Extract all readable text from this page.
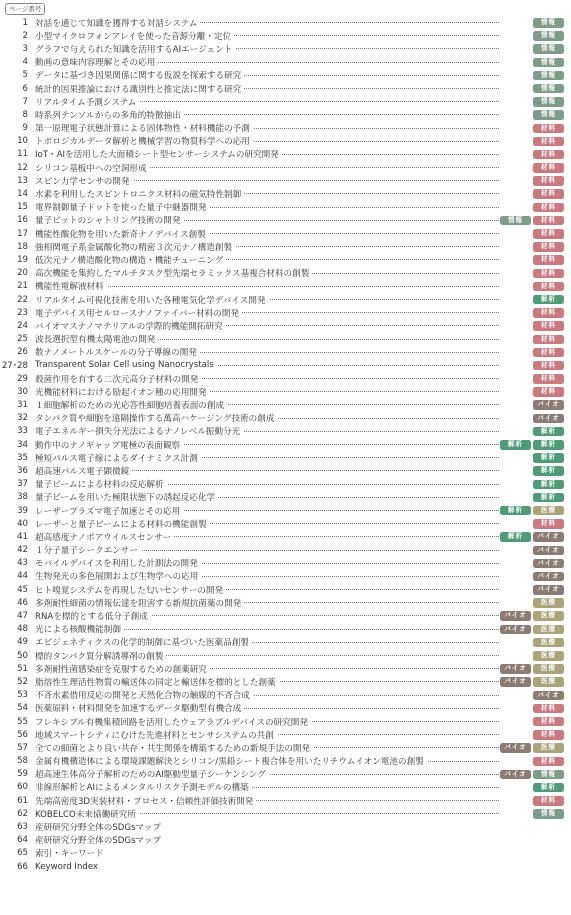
ページ番号
1 対話を通じて知識を獲得する対話システム	情報
2 小型マイクロフォンアレイを使った音源分離・定位	情報
3 グラフで与えられた知識を活用するAIエージェント	情報
4 動画の意味内容理解とその応用	情報
5 データに基づき因果関係に関する仮説を探索する研究	情報
6 統計的因果推論における識別性と推定法に関する研究	情報
7 リアルタイム予測システム	情報
8 時系列テンソルからの多角的特徴抽出	情報
9 第一原理電子状態計算による固体物性・材料機能の予測	材料
10 トポロジカルデータ解析と機械学習の物質科学への応用	材料
11 IoT・AIを活用した大面積シート型センサーシステムの研究開発	材料
12 シリコン基板中への空洞形成	材料
13 スピン力学センサの開発	材料
14 水素を利用したスピントロニクス材料の磁気特性制御	材料
15 電界制御量子ドットを使った量子中継器開発	材料
16 量子ビットのシャトリング技術の開発	情報	材料
17 機能性酸化物を用いた新奇ナノデバイス創製	材料
18 強相関電子系金属酸化物の精密３次元ナノ構造創製	材料
19 低次元ナノ構造酸化物の構造・機能チューニング	材料
20 高次機能を集約したマルチタスク型先端セラミックス基複合材料の創製	材料
21 機能性電解液材料	材料
22 リアルタイム可視化技術を用いた各種電気化学デバイス開発	解析
23 電子デバイス用セルロースナノファイバー材料の開発	材料
24 バイオマスナノマテリアルの学際的機能開拓研究	材料
25 波長選択型有機太陽電池の開発	材料
26 数ナノメートルスケールの分子導線の開発	材料
27･28 Transparent Solar Cell using Nanocrystals	材料
29 殺菌作用を有する二次元高分子材料の開発	材料
30 光機能材料における励起イオン種の応用開発	材料
31 １細胞解析のための光応答性細胞培養表面の創成	バイオ
32 タンパク質や細胞を遠隔操作する萬高ハケージング技術の創成	バイオ
33 電子エネルギー損失分光法によるナノレベル振動分光	解析
34 動作中のナノギャップ電極の表面観察	解析	解析
35 極短パルス電子線によるダイナミクス計測	解析
36 超高速パルス電子顕微鏡	解析
37 量子ビームによる材料の反応解析	解析
38 量子ビームを用いた極限状態下の誘起反応化学	解析
39 レーザープラズマ電子加速とその応用	解析	医療
40 レーザーと量子ビームによる材料の機能創製	材料
41 超高感度ナノポアウイルスセンサー	解析	バイオ
42 １分子量子シークエンサー	バイオ
43 モバイルデバイスを利用した計測法の開発	バイオ
44 生物発光の多色展開および生物学への応用	バイオ
45 ヒト嗅覚システムを再現した匂いセンサーの開発	バイオ
46 多剤耐性細菌の情報伝達を阻害する新規抗菌薬の開発	医療
47 RNAを標的とする低分子創成	バイオ	医療
48 光による核酸機能制御	バイオ	医療
49 エピジェネティクスの化学的制御に基づいた医薬品創製	医療
50 標的タンパク質分解誘導剤の創製	医療
51 多剤耐性菌感染症を克服するための創薬研究	バイオ	医療
52 脂溶性生理活性物質の輸送体の同定と輸送体を標的とした創薬	バイオ	医療
53 不斉水素借用反応の開発と天然化合物の触媒的不斉合成	バイオ
54 医薬原料・材料開発を加速するデータ駆動型有機合成	材料
55 フレキシブル有機集積回路を活用したウェアラブルデバイスの研究開発	材料
56 地域スマートシティにむけた先進材料とセンサシステムの共創	材料
57 全ての細菌とより良い共存・共生関係を構築するための新規手法の開発	バイオ	医療
58 金属有機構造体による環境課題解決とシリコン/黒鉛シート複合体を用いたリチウムイオン電池の創製	材料
59 超高速生体高分子解析のためのAI駆動型量子シーケンシング	バイオ	情報
60 非線形解析とAIによるメンタルリスク予測モデルの構築	解析
61 先端高密度3D実装材料・プロセス・信頼性評価技術開発	材料
62 KOBELCO未来協働研究所	情報
63 産研研究分野全体のSDGsマップ
64 産研研究分野全体のSDGsマップ
65 索引・キーワード
66 Keyword Index
